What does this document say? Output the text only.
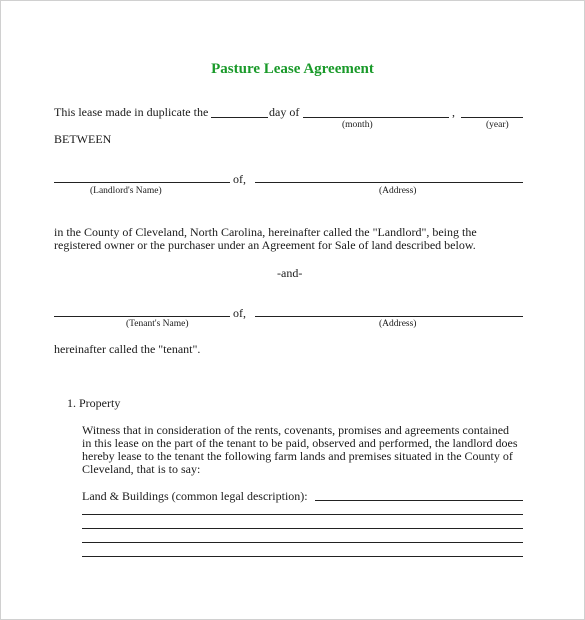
Pasture Lease Agreement
This lease made in duplicate the	day of	,
(month)	(year)
BETWEEN
of,
(Landlord's Name)	(Address)
in the County of Cleveland, North Carolina, hereinafter called the "Landlord", being the
registered owner or the purchaser under an Agreement for Sale of land described below.
-and-
of,
(Tenant's Name)	(Address)
hereinafter called the "tenant".
1. Property
Witness that in consideration of the rents, covenants, promises and agreements contained
in this lease on the part of the tenant to be paid, observed and performed, the landlord does
hereby lease to the tenant the following farm lands and premises situated in the County of
Cleveland, that is to say:
Land & Buildings (common legal description):
